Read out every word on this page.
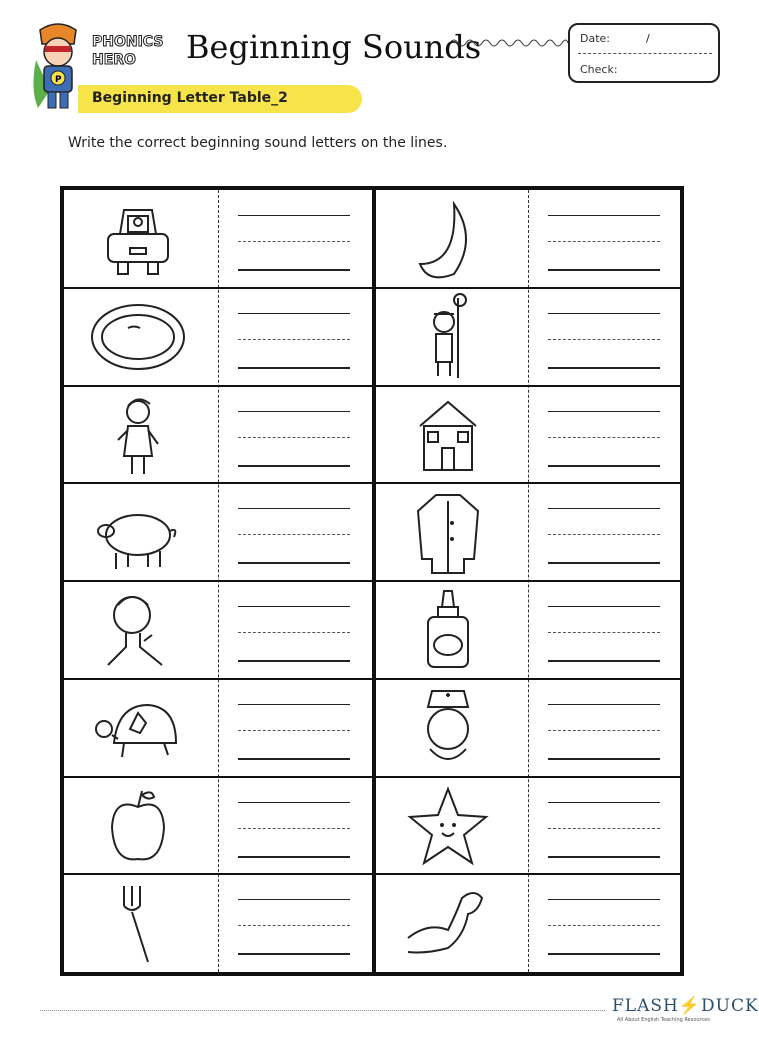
P
PHONICS
HERO Beginning Sounds	Date:	/
Check:
Beginning Letter Table_2
Write the correct beginning sound letters on the lines.
FLASH⚡DUCK
All About English Teaching Resources
